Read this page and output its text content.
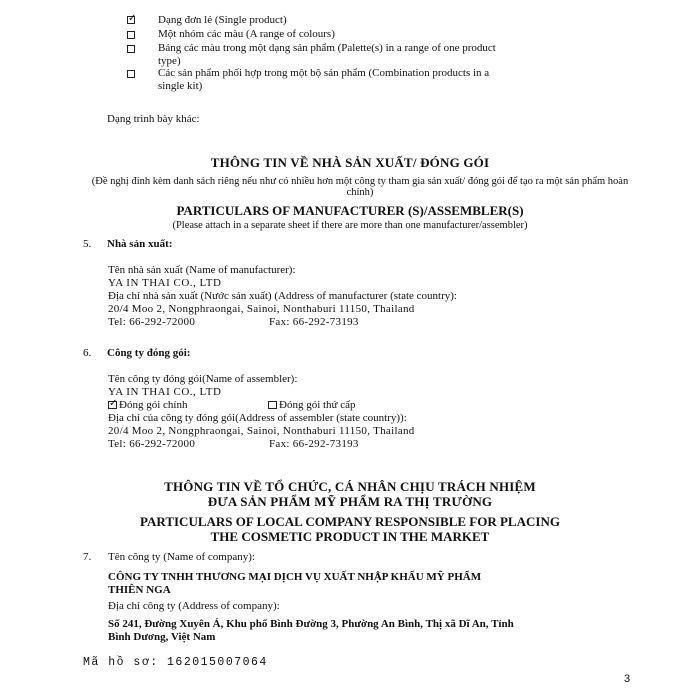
✓
Dạng đơn lẻ (Single product)
Một nhóm các màu (A range of colours)
Bảng các màu trong một dạng sản phẩm (Palette(s) in a range of one product
type)
Các sản phẩm phối hợp trong một bộ sản phẩm (Combination products in a
single kit)
Dạng trình bày khác:
THÔNG TIN VỀ NHÀ SẢN XUẤT/ ĐÓNG GÓI
(Đề nghị đính kèm danh sách riêng nếu như có nhiều hơn một công ty tham gia sản xuất/ đóng gói để tạo ra một sản phẩm hoàn chỉnh)
PARTICULARS OF MANUFACTURER (S)/ASSEMBLER(S)
(Please attach in a separate sheet if there are more than one manufacturer/assembler)
5. Nhà sản xuất:
Tên nhà sản xuất (Name of manufacturer):
YA IN THAI CO., LTD
Địa chỉ nhà sản xuất (Nước sản xuất) (Address of manufacturer (state country):
20/4 Moo 2, Nongphraongai, Sainoi, Nonthaburi 11150, Thailand
Tel: 66-292-72000	Fax: 66-292-73193
6. Công ty đóng gói:
Tên công ty đóng gói(Name of assembler):
YA IN THAI CO., LTD
✓Đóng gói chính	Đóng gói thứ cấp
Địa chỉ của công ty đóng gói(Address of assembler (state country)):
20/4 Moo 2, Nongphraongai, Sainoi, Nonthaburi 11150, Thailand
Tel: 66-292-72000	Fax: 66-292-73193
THÔNG TIN VỀ TỔ CHỨC, CÁ NHÂN CHỊU TRÁCH NHIỆM
ĐƯA SẢN PHẨM MỸ PHẨM RA THỊ TRƯỜNG
PARTICULARS OF LOCAL COMPANY RESPONSIBLE FOR PLACING
THE COSMETIC PRODUCT IN THE MARKET
7. Tên công ty (Name of company):
CÔNG TY TNHH THƯƠNG MẠI DỊCH VỤ XUẤT NHẬP KHẨU MỸ PHẨM
THIÊN NGA
Địa chỉ công ty (Address of company):
Số 241, Đường Xuyên Á, Khu phố Bình Đường 3, Phường An Bình, Thị xã Dĩ An, Tỉnh
Bình Dương, Việt Nam
Mã hồ sơ: 162015007064
3
